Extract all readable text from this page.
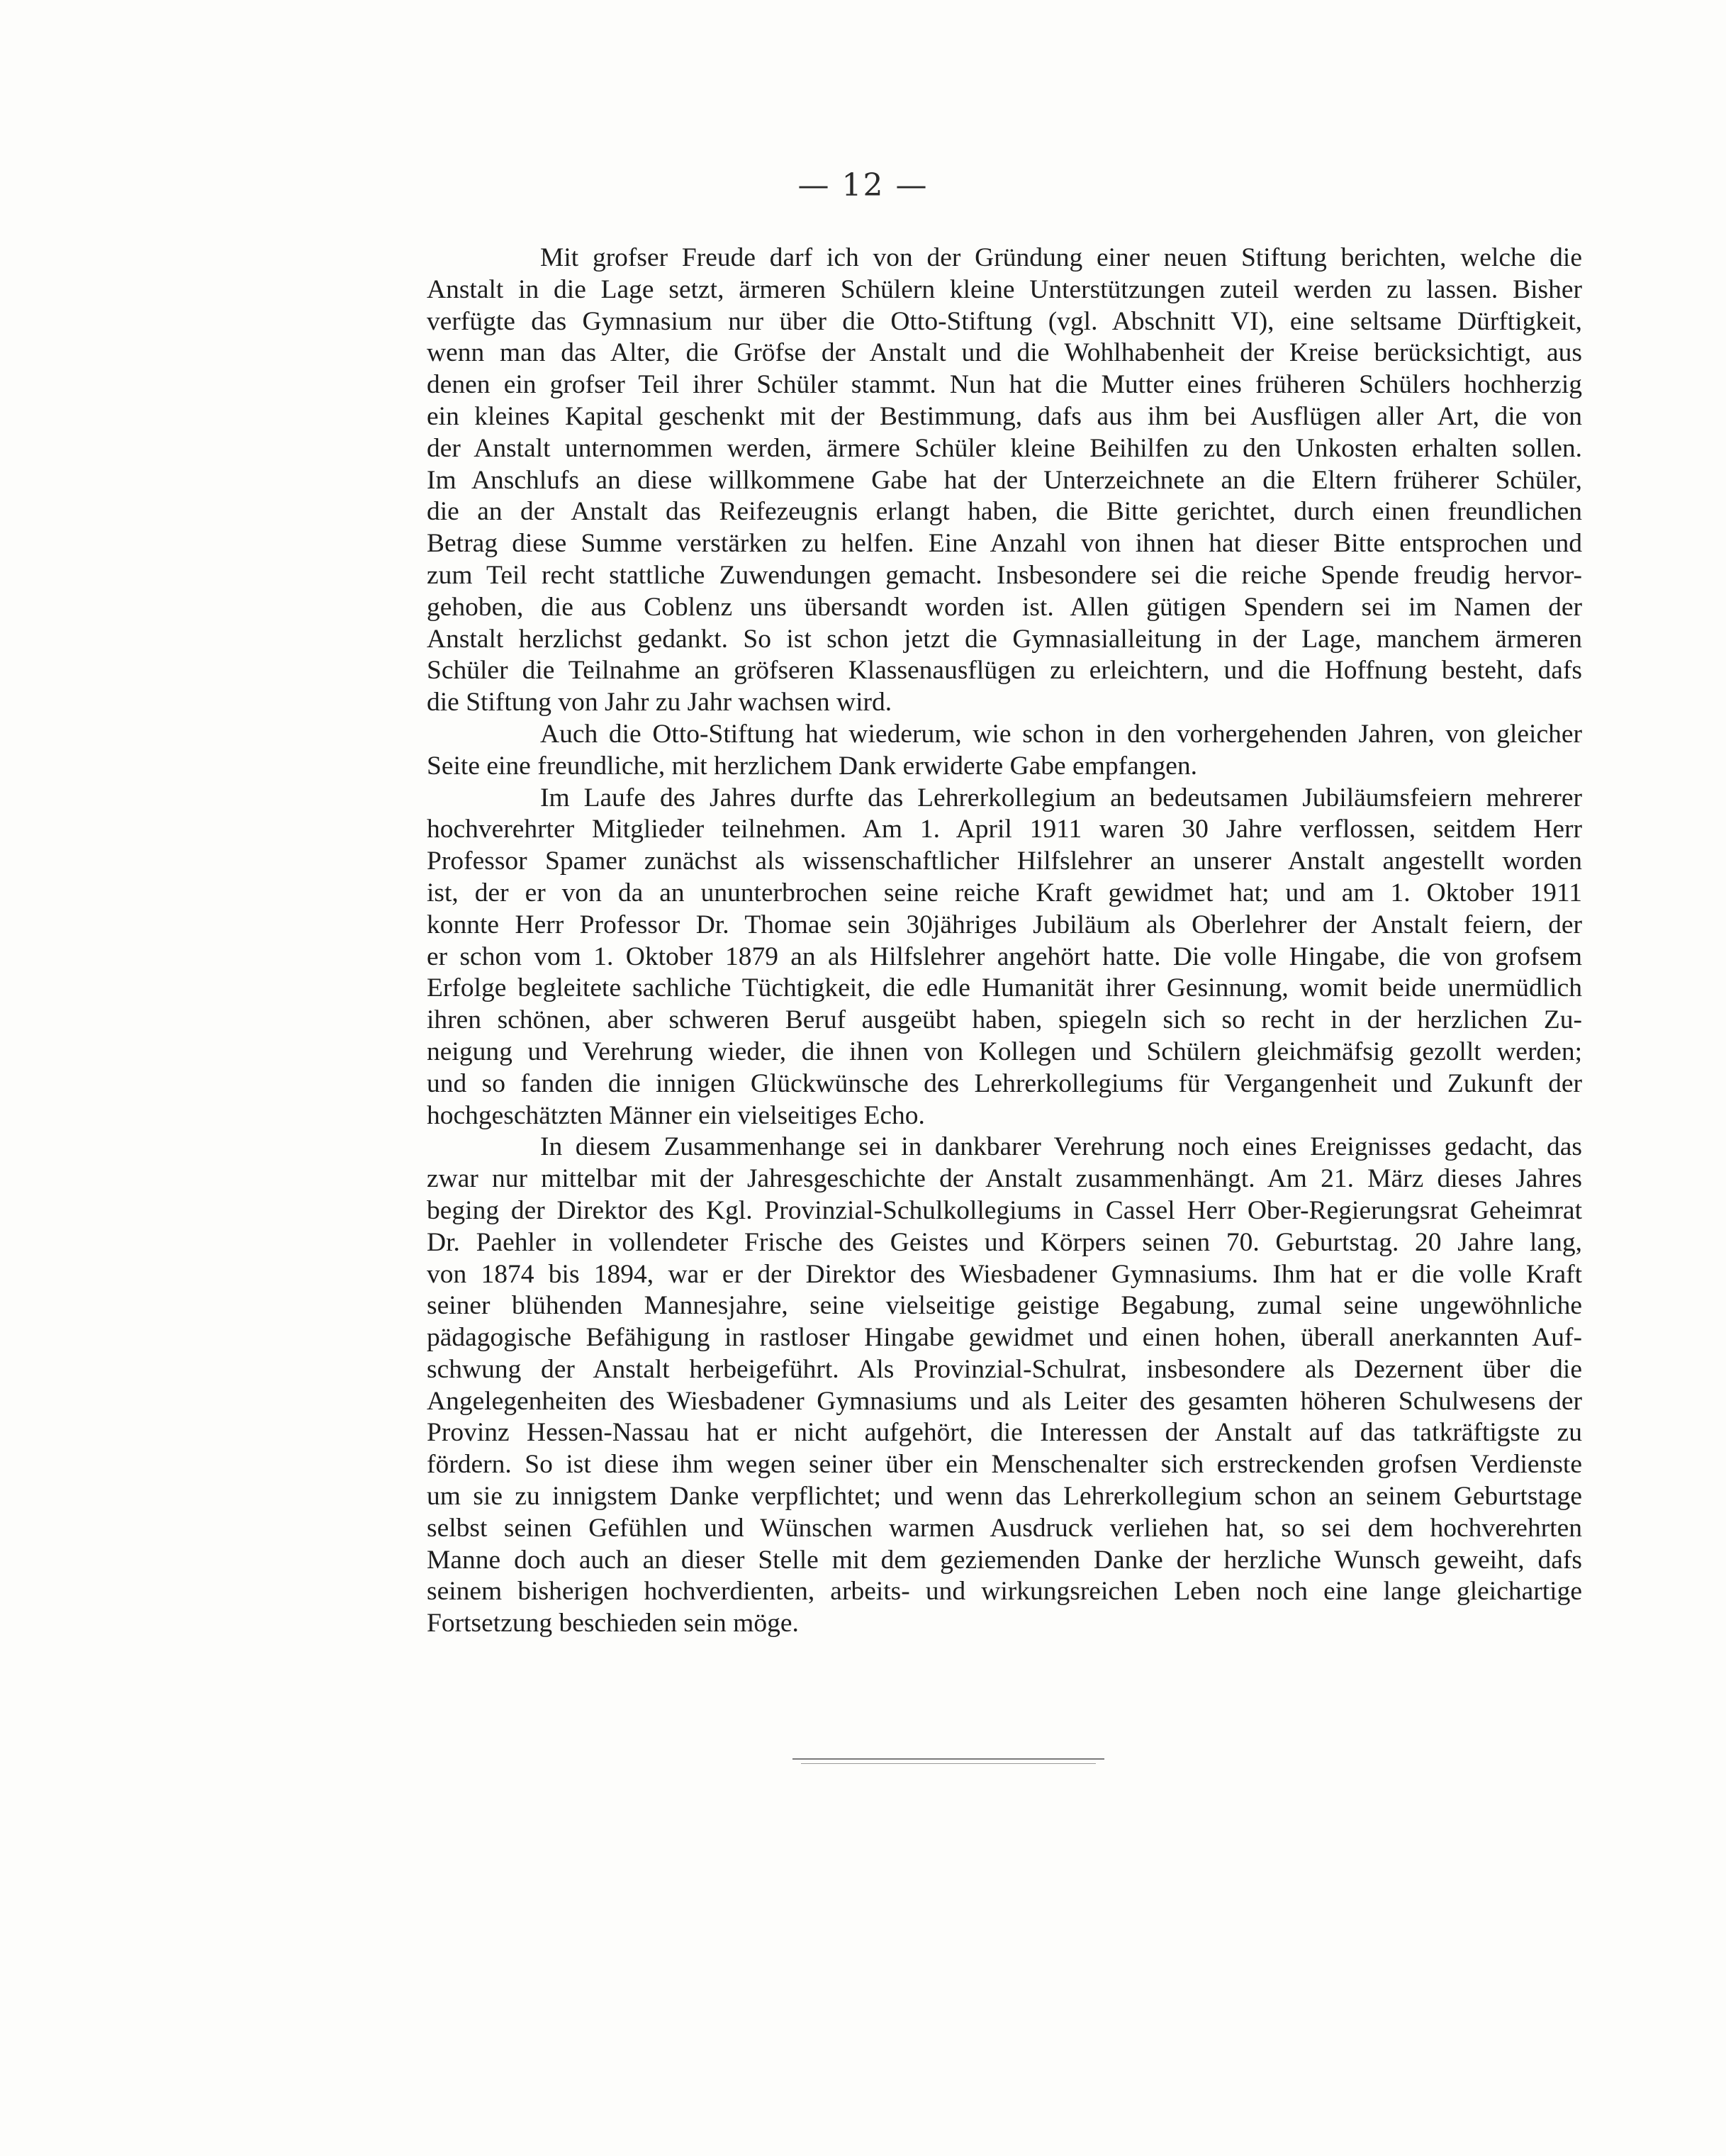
— 12 —

Mit grofser Freude darf ich von der Gründung einer neuen Stiftung berichten, welche die
Anstalt in die Lage setzt, ärmeren Schülern kleine Unterstützungen zuteil werden zu lassen. Bisher
verfügte das Gymnasium nur über die Otto-Stiftung (vgl. Abschnitt VI), eine seltsame Dürftigkeit,
wenn man das Alter, die Gröfse der Anstalt und die Wohlhabenheit der Kreise berücksichtigt, aus
denen ein grofser Teil ihrer Schüler stammt. Nun hat die Mutter eines früheren Schülers hochherzig
ein kleines Kapital geschenkt mit der Bestimmung, dafs aus ihm bei Ausflügen aller Art, die von
der Anstalt unternommen werden, ärmere Schüler kleine Beihilfen zu den Unkosten erhalten sollen.
Im Anschlufs an diese willkommene Gabe hat der Unterzeichnete an die Eltern früherer Schüler,
die an der Anstalt das Reifezeugnis erlangt haben, die Bitte gerichtet, durch einen freundlichen
Betrag diese Summe verstärken zu helfen. Eine Anzahl von ihnen hat dieser Bitte entsprochen und
zum Teil recht stattliche Zuwendungen gemacht. Insbesondere sei die reiche Spende freudig hervor-
gehoben, die aus Coblenz uns übersandt worden ist. Allen gütigen Spendern sei im Namen der
Anstalt herzlichst gedankt. So ist schon jetzt die Gymnasialleitung in der Lage, manchem ärmeren
Schüler die Teilnahme an gröfseren Klassenausflügen zu erleichtern, und die Hoffnung besteht, dafs
die Stiftung von Jahr zu Jahr wachsen wird.

Auch die Otto-Stiftung hat wiederum, wie schon in den vorhergehenden Jahren, von gleicher
Seite eine freundliche, mit herzlichem Dank erwiderte Gabe empfangen.

Im Laufe des Jahres durfte das Lehrerkollegium an bedeutsamen Jubiläumsfeiern mehrerer
hochverehrter Mitglieder teilnehmen. Am 1. April 1911 waren 30 Jahre verflossen, seitdem Herr
Professor Spamer zunächst als wissenschaftlicher Hilfslehrer an unserer Anstalt angestellt worden
ist, der er von da an ununterbrochen seine reiche Kraft gewidmet hat; und am 1. Oktober 1911
konnte Herr Professor Dr. Thomae sein 30jähriges Jubiläum als Oberlehrer der Anstalt feiern, der
er schon vom 1. Oktober 1879 an als Hilfslehrer angehört hatte. Die volle Hingabe, die von grofsem
Erfolge begleitete sachliche Tüchtigkeit, die edle Humanität ihrer Gesinnung, womit beide unermüdlich
ihren schönen, aber schweren Beruf ausgeübt haben, spiegeln sich so recht in der herzlichen Zu-
neigung und Verehrung wieder, die ihnen von Kollegen und Schülern gleichmäfsig gezollt werden;
und so fanden die innigen Glückwünsche des Lehrerkollegiums für Vergangenheit und Zukunft der
hochgeschätzten Männer ein vielseitiges Echo.

In diesem Zusammenhange sei in dankbarer Verehrung noch eines Ereignisses gedacht, das
zwar nur mittelbar mit der Jahresgeschichte der Anstalt zusammenhängt. Am 21. März dieses Jahres
beging der Direktor des Kgl. Provinzial-Schulkollegiums in Cassel Herr Ober-Regierungsrat Geheimrat
Dr. Paehler in vollendeter Frische des Geistes und Körpers seinen 70. Geburtstag. 20 Jahre lang,
von 1874 bis 1894, war er der Direktor des Wiesbadener Gymnasiums. Ihm hat er die volle Kraft
seiner blühenden Mannesjahre, seine vielseitige geistige Begabung, zumal seine ungewöhnliche
pädagogische Befähigung in rastloser Hingabe gewidmet und einen hohen, überall anerkannten Auf-
schwung der Anstalt herbeigeführt. Als Provinzial-Schulrat, insbesondere als Dezernent über die
Angelegenheiten des Wiesbadener Gymnasiums und als Leiter des gesamten höheren Schulwesens der
Provinz Hessen-Nassau hat er nicht aufgehört, die Interessen der Anstalt auf das tatkräftigste zu
fördern. So ist diese ihm wegen seiner über ein Menschenalter sich erstreckenden grofsen Verdienste
um sie zu innigstem Danke verpflichtet; und wenn das Lehrerkollegium schon an seinem Geburtstage
selbst seinen Gefühlen und Wünschen warmen Ausdruck verliehen hat, so sei dem hochverehrten
Manne doch auch an dieser Stelle mit dem geziemenden Danke der herzliche Wunsch geweiht, dafs
seinem bisherigen hochverdienten, arbeits- und wirkungsreichen Leben noch eine lange gleichartige
Fortsetzung beschieden sein möge.
